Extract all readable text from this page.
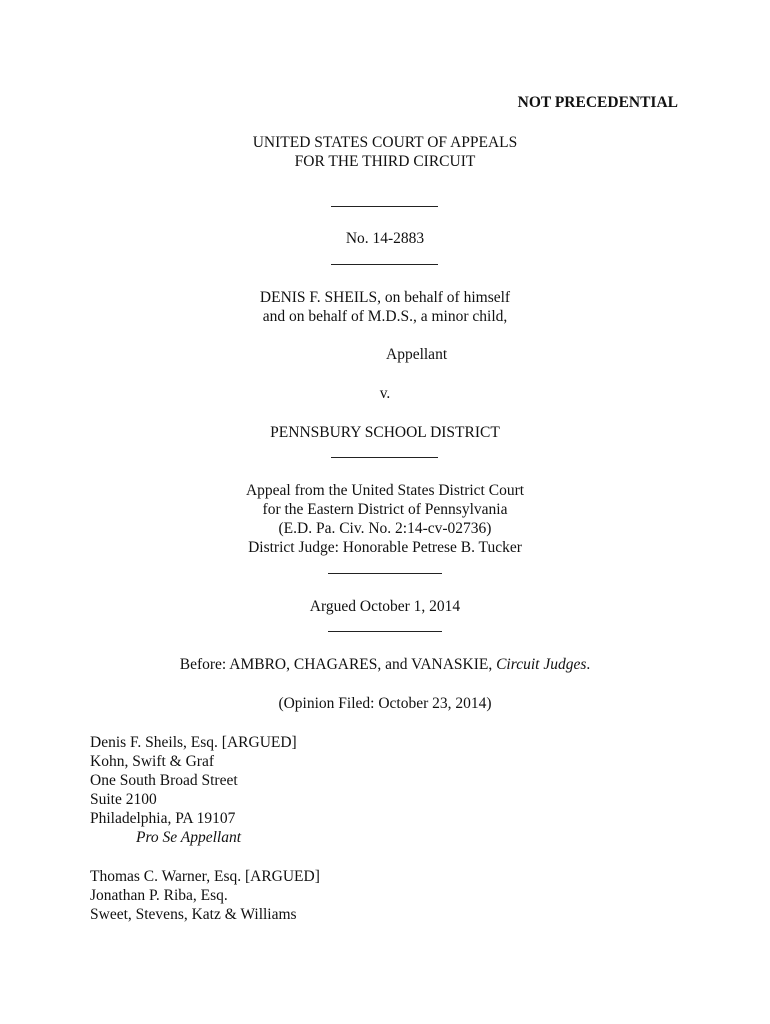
NOT PRECEDENTIAL
UNITED STATES COURT OF APPEALS
FOR THE THIRD CIRCUIT
No. 14-2883
DENIS F. SHEILS, on behalf of himself
and on behalf of M.D.S., a minor child,
Appellant
v.
PENNSBURY SCHOOL DISTRICT
Appeal from the United States District Court
for the Eastern District of Pennsylvania
(E.D. Pa. Civ. No. 2:14-cv-02736)
District Judge: Honorable Petrese B. Tucker
Argued October 1, 2014
Before: AMBRO, CHAGARES, and VANASKIE, Circuit Judges.
(Opinion Filed: October 23, 2014)
Denis F. Sheils, Esq. [ARGUED]
Kohn, Swift & Graf
One South Broad Street
Suite 2100
Philadelphia, PA 19107
Pro Se Appellant
Thomas C. Warner, Esq. [ARGUED]
Jonathan P. Riba, Esq.
Sweet, Stevens, Katz & Williams
